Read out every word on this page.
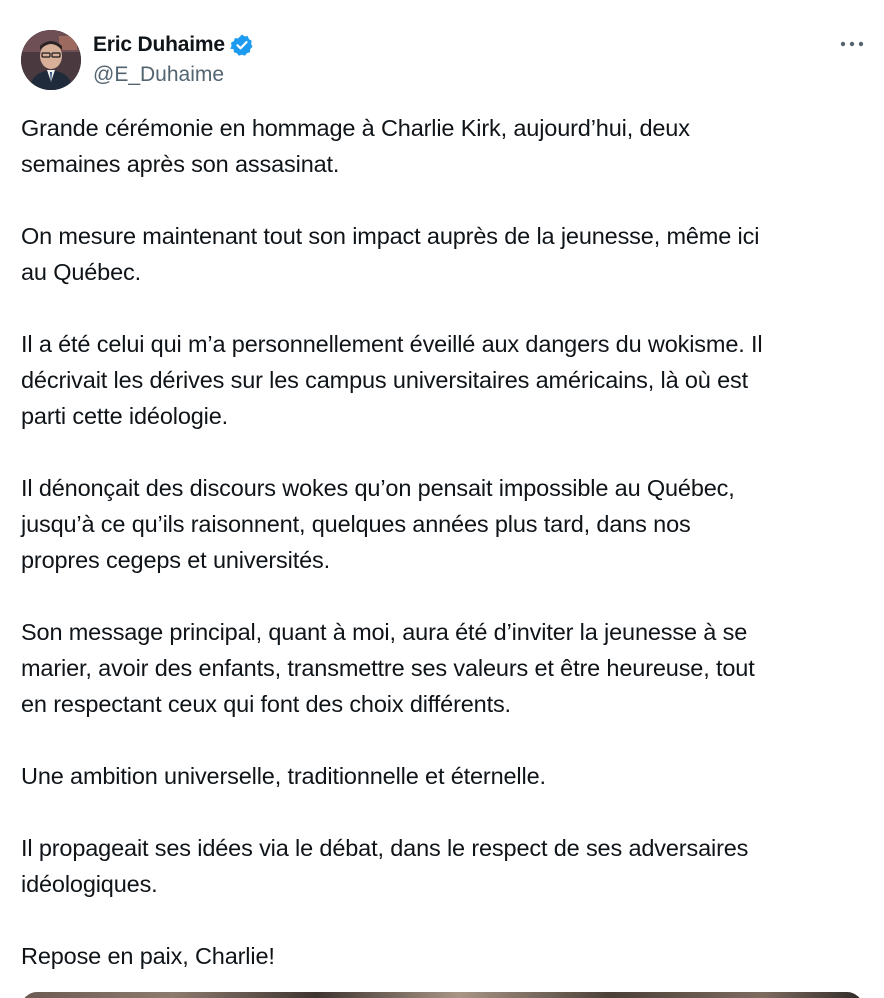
Eric Duhaime
@E_Duhaime

Grande cérémonie en hommage à Charlie Kirk, aujourd’hui, deux
semaines après son assasinat.

On mesure maintenant tout son impact auprès de la jeunesse, même ici
au Québec.

Il a été celui qui m’a personnellement éveillé aux dangers du wokisme. Il
décrivait les dérives sur les campus universitaires américains, là où est
parti cette idéologie.

Il dénonçait des discours wokes qu’on pensait impossible au Québec,
jusqu’à ce qu’ils raisonnent, quelques années plus tard, dans nos
propres cegeps et universités.

Son message principal, quant à moi, aura été d’inviter la jeunesse à se
marier, avoir des enfants, transmettre ses valeurs et être heureuse, tout
en respectant ceux qui font des choix différents.

Une ambition universelle, traditionnelle et éternelle.

Il propageait ses idées via le débat, dans le respect de ses adversaires
idéologiques.

Repose en paix, Charlie!
